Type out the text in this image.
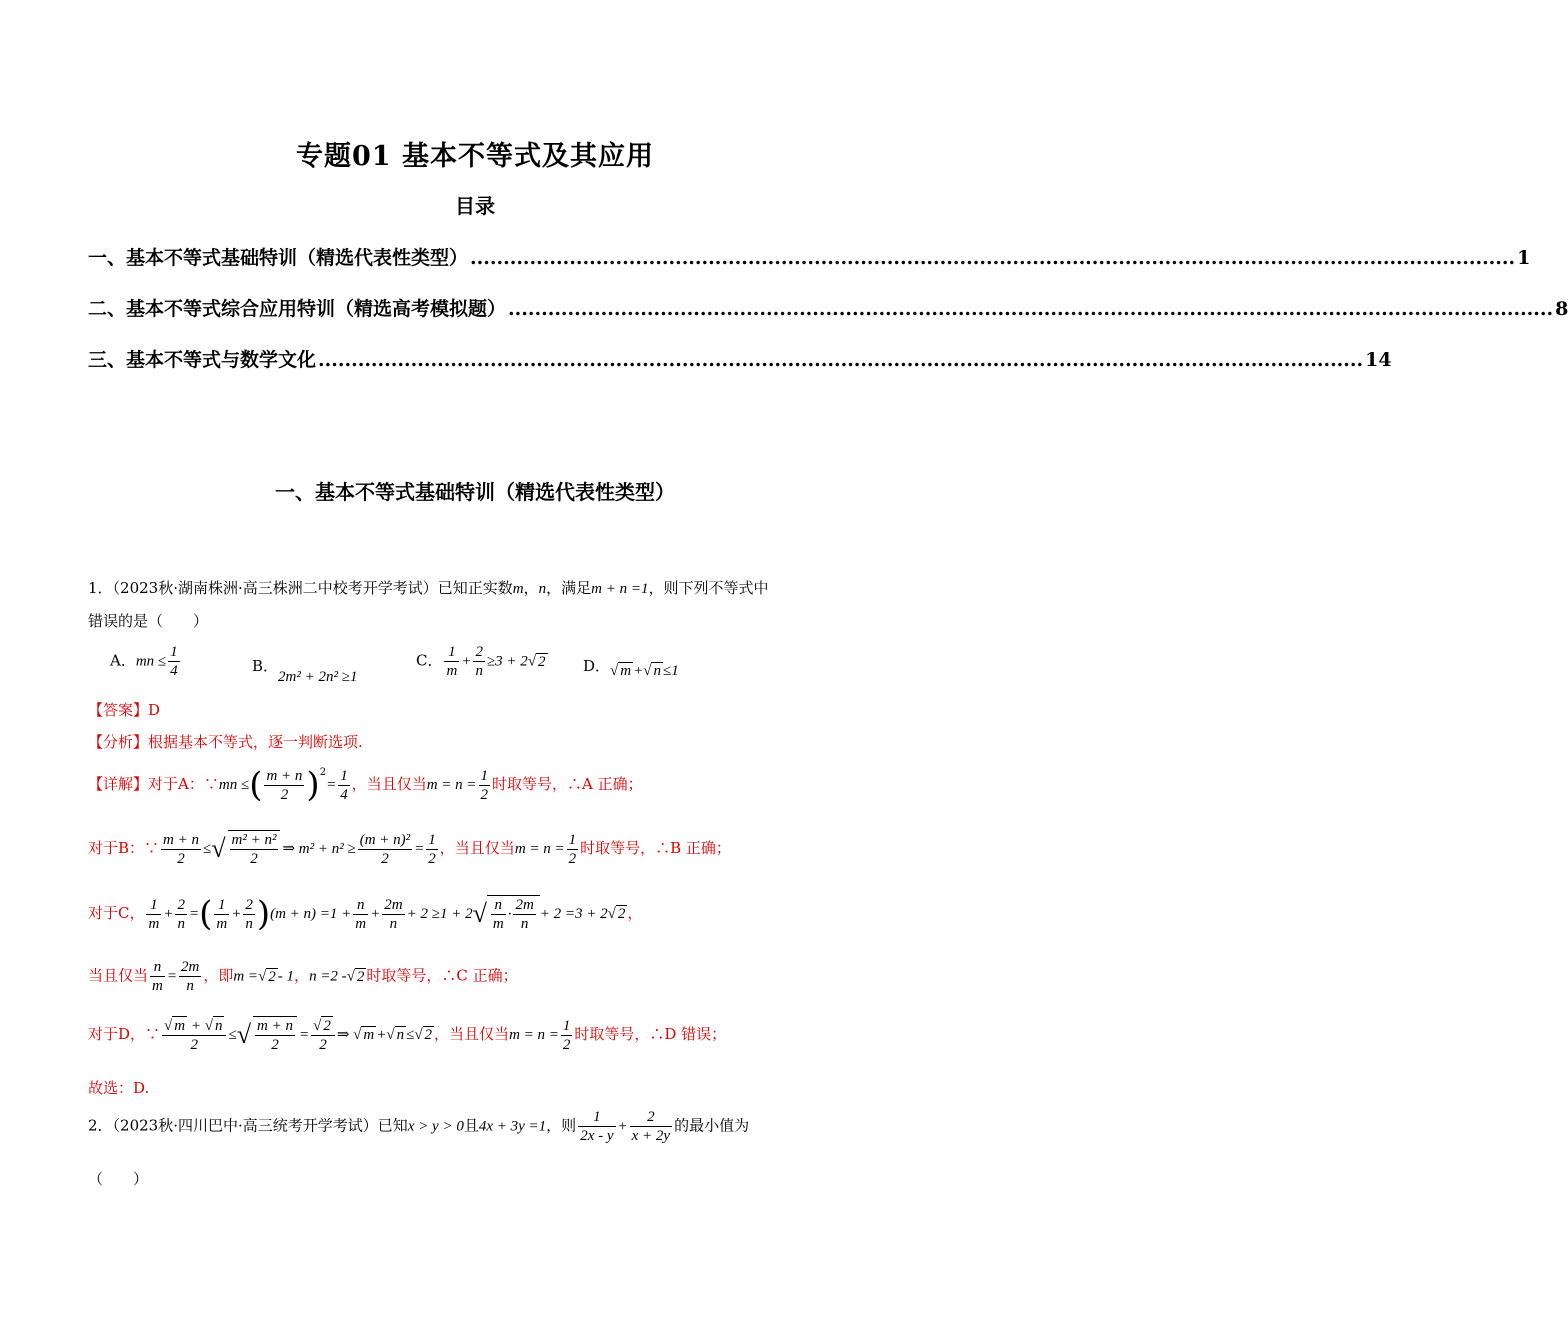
专题01 基本不等式及其应用
目录
一、基本不等式基础特训（精选代表性类型） .............................................................................................................................................................. 1
二、基本不等式综合应用特训（精选高考模拟题） .............................................................................................................................................................. 8
三、基本不等式与数学文化 .............................................................................................................................................................. 14
一、基本不等式基础特训（精选代表性类型）
1．（2023秋·湖南株洲·高三株洲二中校考开学考试）已知正实数m，n，满足m + n =1，则下列不等式中
错误的是（　　）
A．mn ≤ $\frac{1}{4}$	B．2m² + 2n² ≥1
C． $\frac{1}{m} + \frac{2}{n} \ge 3 + 2√$ 2 D．√ m +√ n ≤1
【答案】D
【分析】根据基本不等式，逐一判断选项.
【详解】对于A：∵mn ≤( $\frac{m + n}{2} )^2= \frac{1}{4}$ ，当且仅当$m = n = \frac{1}{2}$ 时取等号，∴A 正确；
对于B：∵ $\frac{m + n}{2}$ ≤√ $\frac{\text{m² + n²}}{2}$ ⇒ $m^2 + n^2 \ge \frac{\text{(m + n)²}}{2} = \frac{1}{2}$ ，当且仅当$m = n = \frac{1}{2}$ 时取等号，∴B 正确；
对于C， $\frac{1}{m} + \frac{2}{n}$ =( $\frac{1}{m} + \frac{2}{n} )(m + n) =1 + \frac{n}{m} + \frac{2m}{n} + 2 \ge 1 + 2√ \frac{n}{m} \cdot \frac{2m}{n} + 2 =3 + 2√$ 2 ，
当且仅当 $\frac{n}{m} = \frac{2m}{n}$ ，即m =√ 2 - 1，n =2 -√ 2 时取等号，∴C 正确；
对于D，∵ $\frac{√ m + √ n}{2}$ ≤√ $\frac{m + n}{2} = \frac{√ 2}{2}$ ⇒ √ m +√ n ≤√ 2 ，当且仅当$m = n = \frac{1}{2}$ 时取等号，∴D 错误；
故选：D.
2．（2023秋·四川巴中·高三统考开学考试）已知x > y > 0且4x + 3y =1，则 $\frac{1}{2x - y} + \frac{2}{x + 2y}$ 的最小值为
（　　）
